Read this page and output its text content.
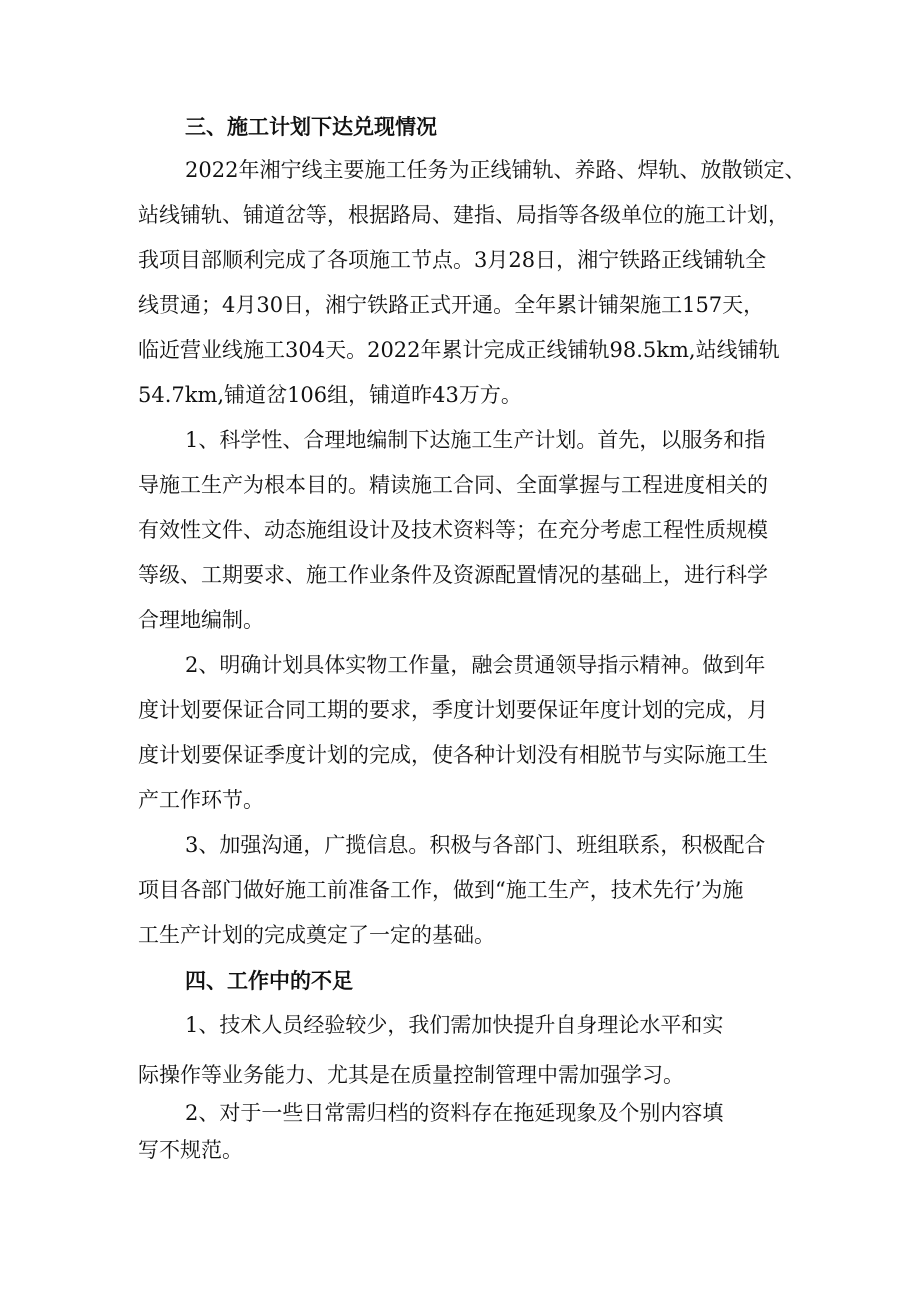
三、施工计划下达兑现情况
2022年湘宁线主要施工任务为正线铺轨、养路、焊轨、放散锁定、
站线铺轨、铺道岔等，根据路局、建指、局指等各级单位的施工计划，
我项目部顺利完成了各项施工节点。3月28日，湘宁铁路正线铺轨全
线贯通；4月30日，湘宁铁路正式开通。全年累计铺架施工157天，
临近营业线施工304天。2022年累计完成正线铺轨98.5km,站线铺轨
54.7km,铺道岔106组，铺道昨43万方。
1、科学性、合理地编制下达施工生产计划。首先，以服务和指
导施工生产为根本目的。精读施工合同、全面掌握与工程进度相关的
有效性文件、动态施组设计及技术资料等；在充分考虑工程性质规模
等级、工期要求、施工作业条件及资源配置情况的基础上，进行科学
合理地编制。
2、明确计划具体实物工作量，融会贯通领导指示精神。做到年
度计划要保证合同工期的要求，季度计划要保证年度计划的完成，月
度计划要保证季度计划的完成，使各种计划没有相脱节与实际施工生
产工作环节。
3、加强沟通，广揽信息。积极与各部门、班组联系，积极配合
项目各部门做好施工前准备工作，做到“施工生产，技术先行’为施
工生产计划的完成奠定了一定的基础。
四、工作中的不足
1、技术人员经验较少，我们需加快提升自身理论水平和实
际操作等业务能力、尤其是在质量控制管理中需加强学习。
2、对于一些日常需归档的资料存在拖延现象及个别内容填
写不规范。
